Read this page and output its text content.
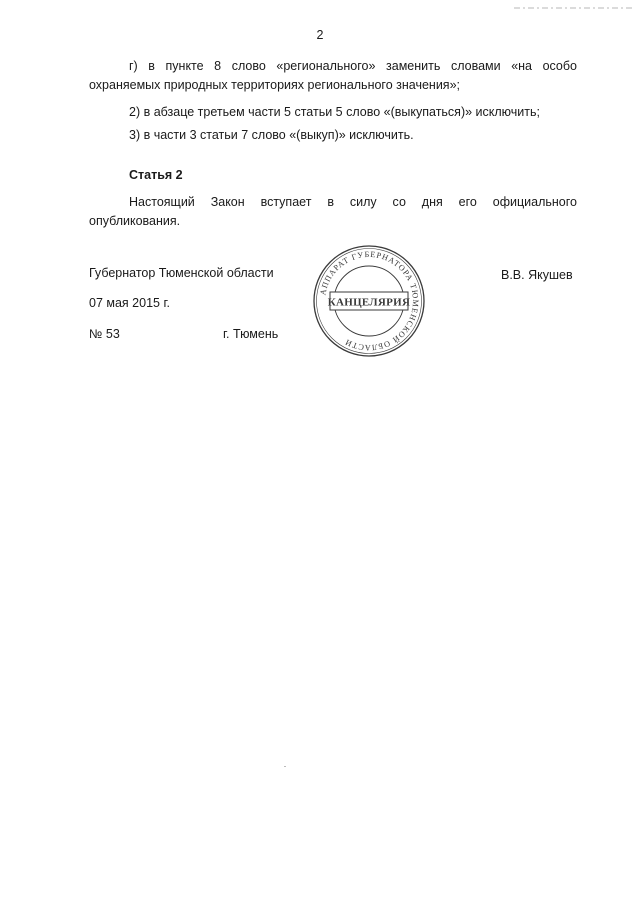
2
г) в пункте 8 слово «регионального» заменить словами «на особо
охраняемых природных территориях регионального значения»;
2) в абзаце третьем части 5 статьи 5 слово «(выкупаться)» исключить;
3) в части 3 статьи 7 слово «(выкуп)» исключить.
Статья 2
Настоящий Закон вступает в силу со дня его официального
опубликования.
Губернатор Тюменской области	В.В. Якушев
07 мая 2015 г.
№ 53	г. Тюмень
АППАРАТ ГУБЕРНАТОРА ТЮМЕНСКОЙ ОБЛАСТИ
КАНЦЕЛЯРИЯ
